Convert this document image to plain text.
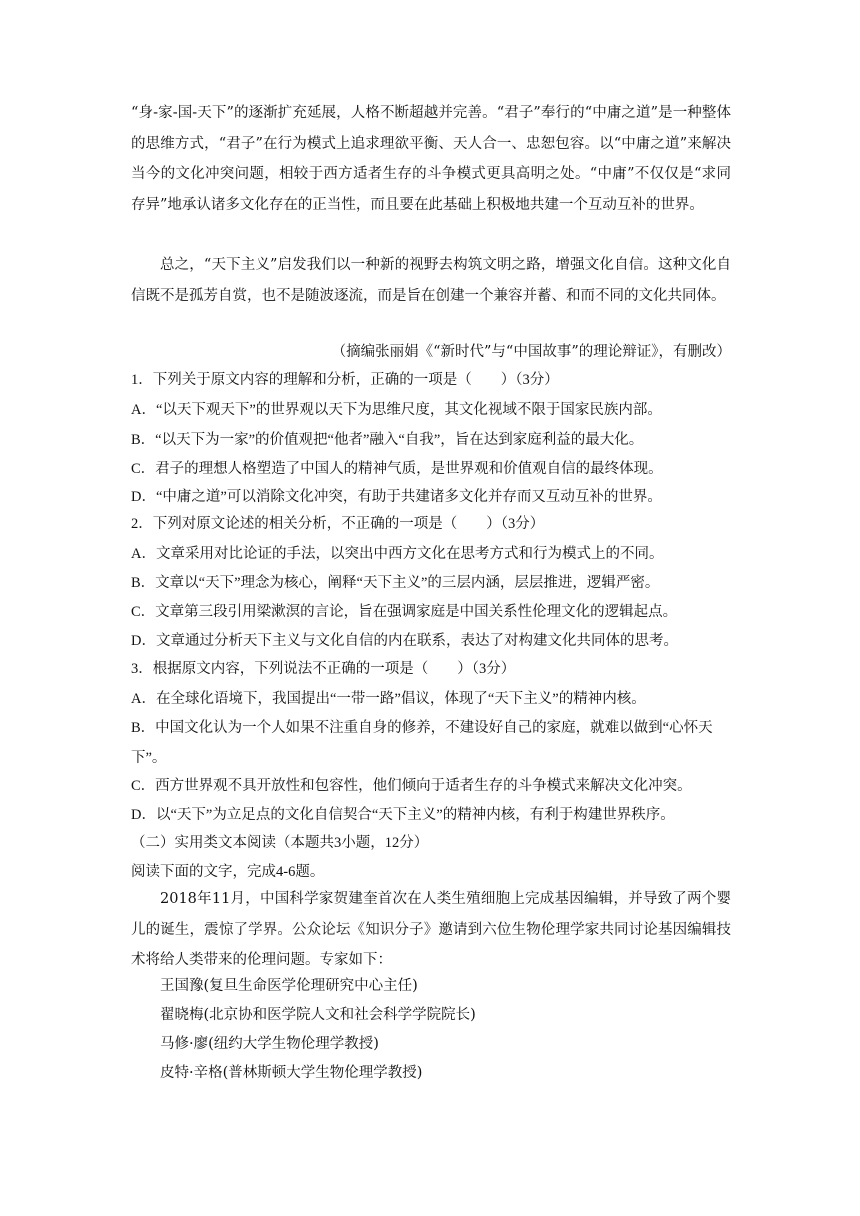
“身-家-国-天下”的逐渐扩充延展，人格不断超越并完善。“君子”奉行的“中庸之道”是一种整体的思维方式，“君子”在行为模式上追求理欲平衡、天人合一、忠恕包容。以“中庸之道”来解决当今的文化冲突问题，相较于西方适者生存的斗争模式更具高明之处。“中庸”不仅仅是“求同存异”地承认诸多文化存在的正当性，而且要在此基础上积极地共建一个互动互补的世界。

总之，“天下主义”启发我们以一种新的视野去构筑文明之路，增强文化自信。这种文化自信既不是孤芳自赏，也不是随波逐流，而是旨在创建一个兼容并蓄、和而不同的文化共同体。

（摘编张丽娟《“新时代”与“中国故事”的理论辩证》，有删改）

1．下列关于原文内容的理解和分析，正确的一项是（　　）（3分）

A．“以天下观天下”的世界观以天下为思维尺度，其文化视域不限于国家民族内部。

B．“以天下为一家”的价值观把“他者”融入“自我”，旨在达到家庭利益的最大化。

C．君子的理想人格塑造了中国人的精神气质，是世界观和价值观自信的最终体现。

D．“中庸之道”可以消除文化冲突，有助于共建诸多文化并存而又互动互补的世界。

2．下列对原文论述的相关分析，不正确的一项是（　　）（3分）

A．文章采用对比论证的手法，以突出中西方文化在思考方式和行为模式上的不同。

B．文章以“天下”理念为核心，阐释“天下主义”的三层内涵，层层推进，逻辑严密。

C．文章第三段引用梁漱溟的言论，旨在强调家庭是中国关系性伦理文化的逻辑起点。

D．文章通过分析天下主义与文化自信的内在联系，表达了对构建文化共同体的思考。

3．根据原文内容，下列说法不正确的一项是（　　）（3分）

A．在全球化语境下，我国提出“一带一路”倡议，体现了“天下主义”的精神内核。

B．中国文化认为一个人如果不注重自身的修养，不建设好自己的家庭，就难以做到“心怀天下”。

C．西方世界观不具开放性和包容性，他们倾向于适者生存的斗争模式来解决文化冲突。

D．以“天下”为立足点的文化自信契合“天下主义”的精神内核，有利于构建世界秩序。

（二）实用类文本阅读（本题共3小题，12分）

阅读下面的文字，完成4-6题。

2018年11月，中国科学家贺建奎首次在人类生殖细胞上完成基因编辑，并导致了两个婴儿的诞生，震惊了学界。公众论坛《知识分子》邀请到六位生物伦理学家共同讨论基因编辑技术将给人类带来的伦理问题。专家如下：

王国豫(复旦生命医学伦理研究中心主任)

翟晓梅(北京协和医学院人文和社会科学学院院长)

马修·廖(纽约大学生物伦理学教授)

皮特·辛格(普林斯顿大学生物伦理学教授)
